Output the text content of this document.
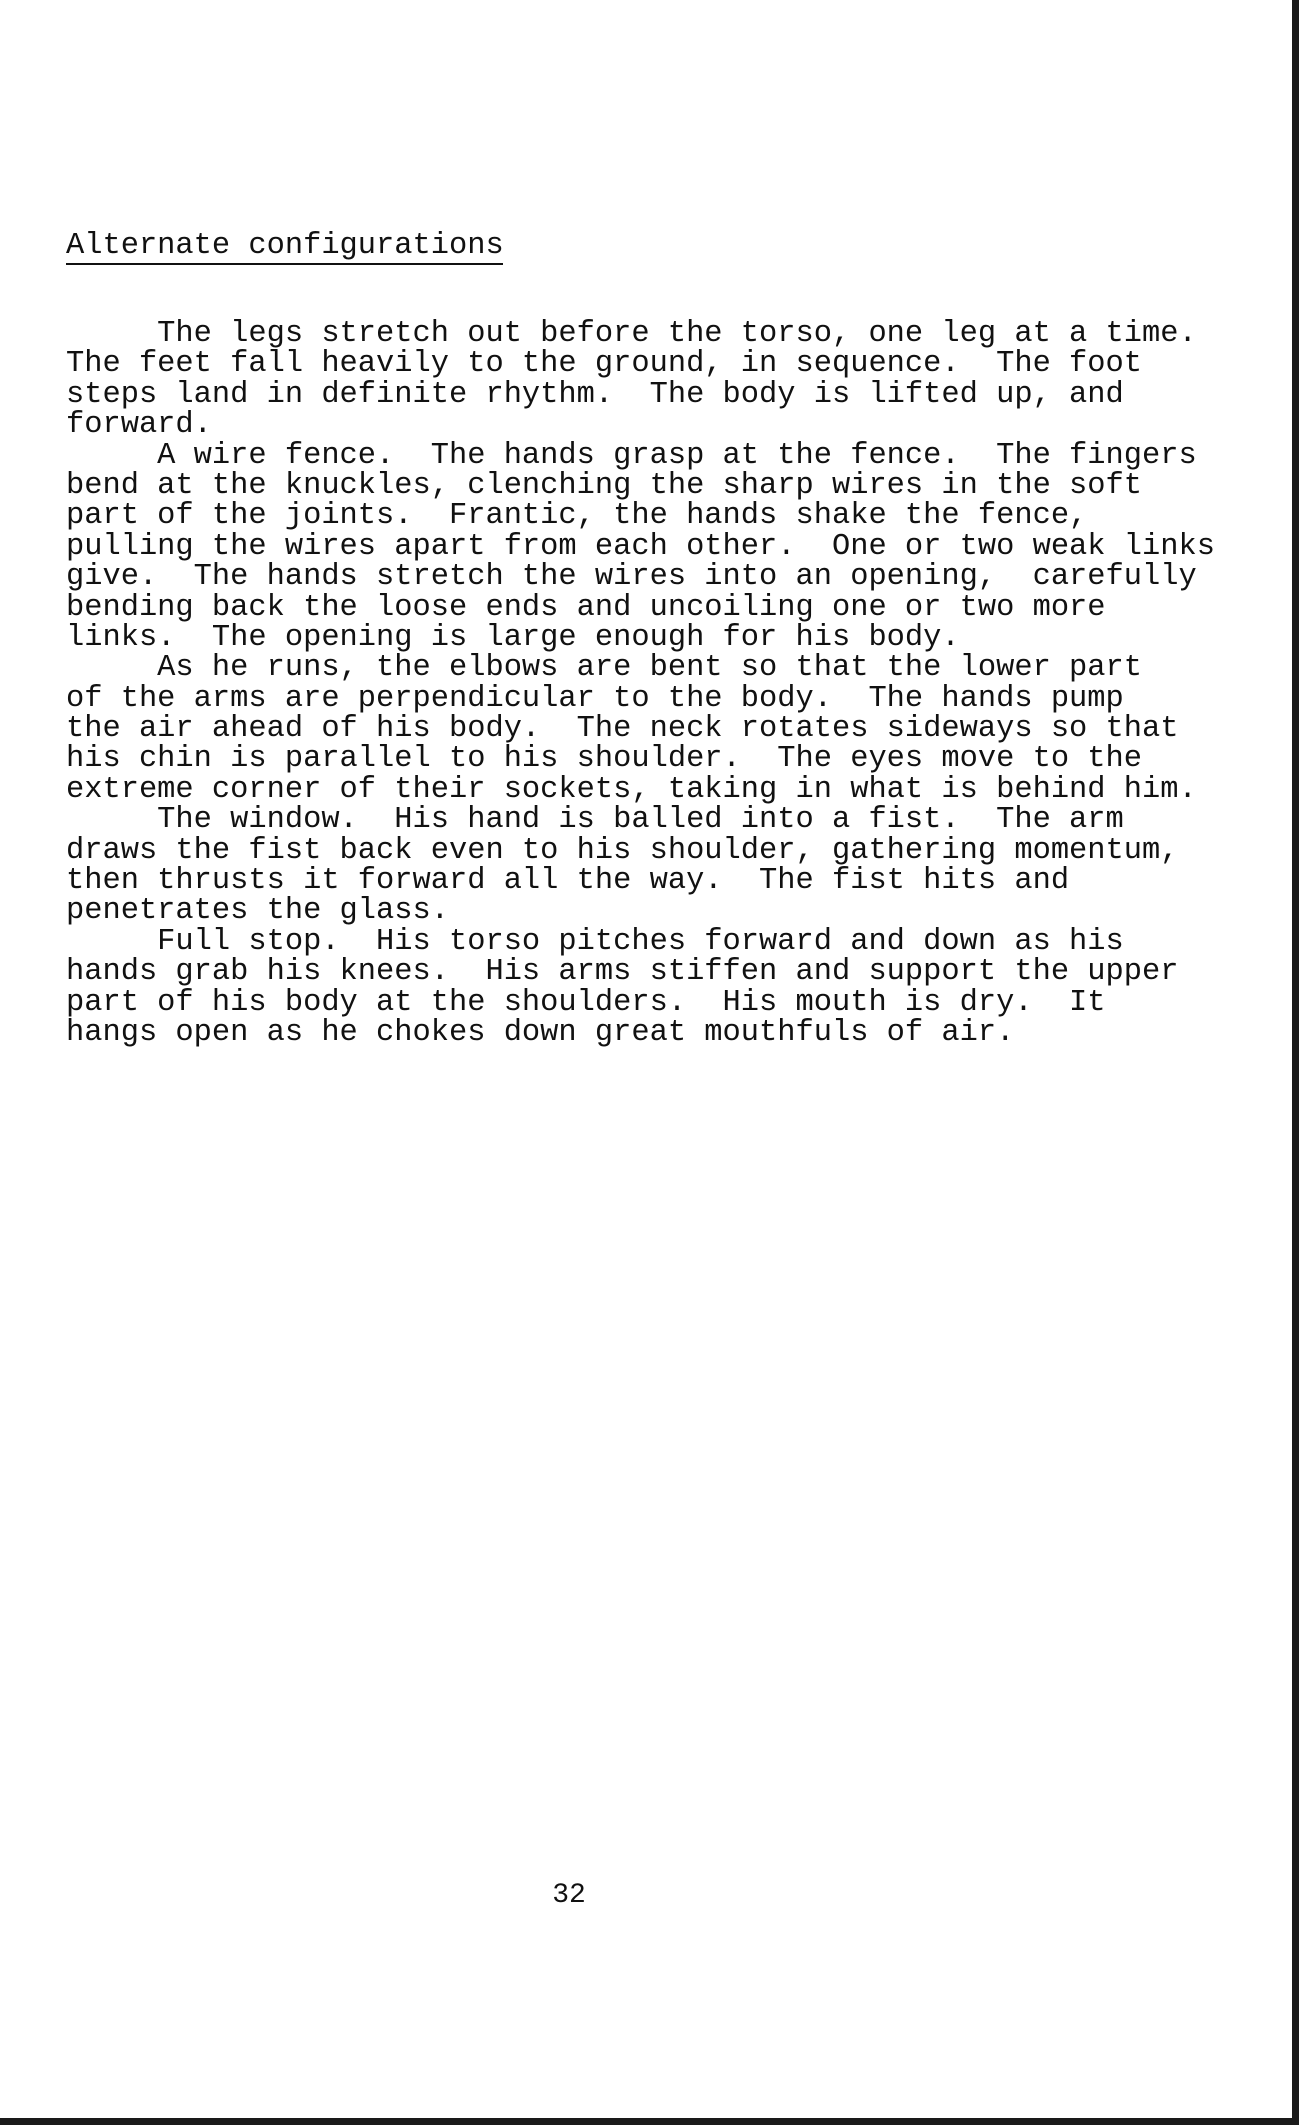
Alternate configurations
The legs stretch out before the torso, one leg at a time.
The feet fall heavily to the ground, in sequence.  The foot
steps land in definite rhythm.  The body is lifted up, and
forward.
A wire fence.  The hands grasp at the fence.  The fingers
bend at the knuckles, clenching the sharp wires in the soft
part of the joints.  Frantic, the hands shake the fence,
pulling the wires apart from each other.  One or two weak links
give.  The hands stretch the wires into an opening,  carefully
bending back the loose ends and uncoiling one or two more
links.  The opening is large enough for his body.
As he runs, the elbows are bent so that the lower part
of the arms are perpendicular to the body.  The hands pump
the air ahead of his body.  The neck rotates sideways so that
his chin is parallel to his shoulder.  The eyes move to the
extreme corner of their sockets, taking in what is behind him.
The window.  His hand is balled into a fist.  The arm
draws the fist back even to his shoulder, gathering momentum,
then thrusts it forward all the way.  The fist hits and
penetrates the glass.
Full stop.  His torso pitches forward and down as his
hands grab his knees.  His arms stiffen and support the upper
part of his body at the shoulders.  His mouth is dry.  It
hangs open as he chokes down great mouthfuls of air.
32
